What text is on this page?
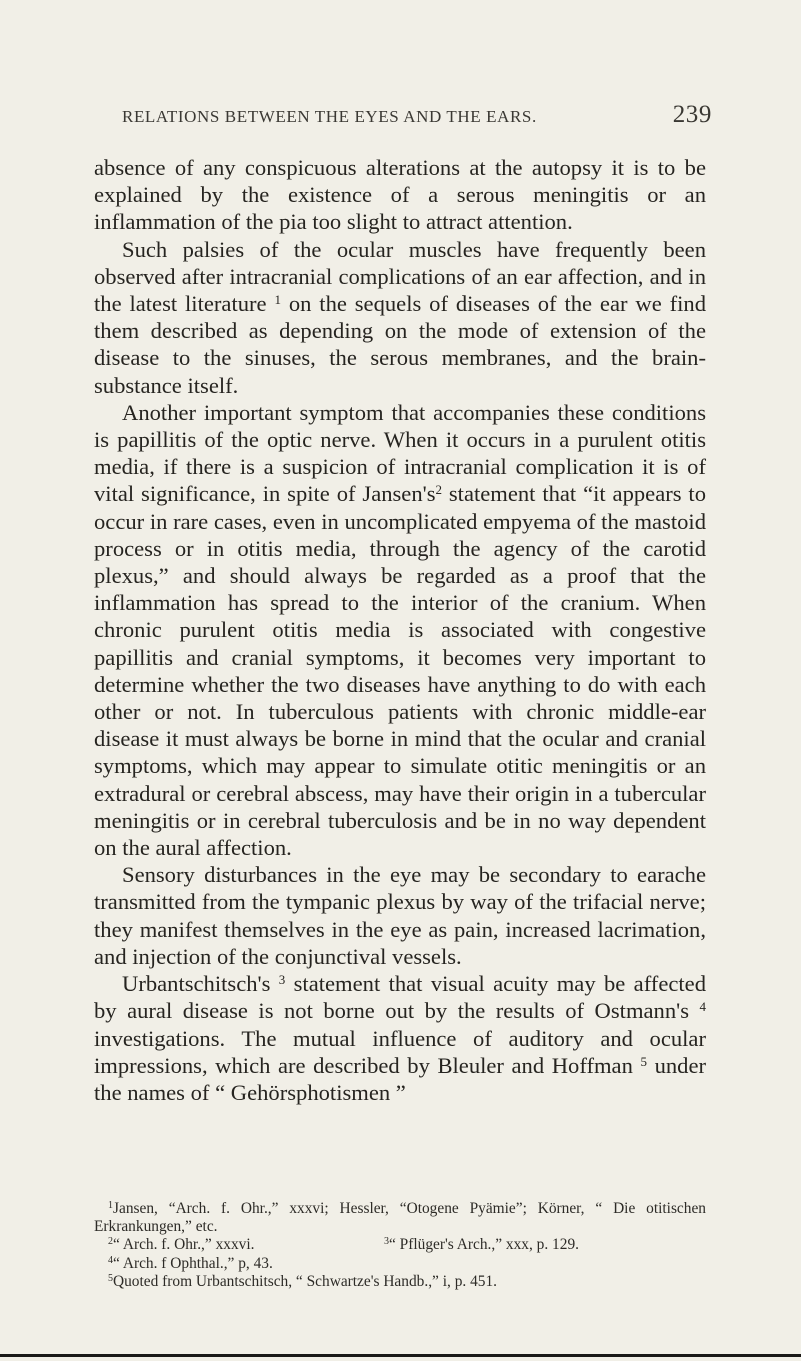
RELATIONS BETWEEN THE EYES AND THE EARS.	239

absence of any conspicuous alterations at the autopsy it is to be explained by the existence of a serous meningitis or an inflammation of the pia too slight to attract attention.

Such palsies of the ocular muscles have frequently been observed after intracranial complications of an ear affection, and in the latest literature $^1$ on the sequels of diseases of the ear we find them described as depending on the mode of extension of the disease to the sinuses, the serous membranes, and the brain-substance itself.

Another important symptom that accompanies these conditions is papillitis of the optic nerve. When it occurs in a purulent otitis media, if there is a suspicion of intracranial complication it is of vital significance, in spite of $Jansen's^2$ statement that “it appears to occur in rare cases, even in uncomplicated empyema of the mastoid process or in otitis media, through the agency of the carotid plexus,” and should always be regarded as a proof that the inflammation has spread to the interior of the cranium. When chronic purulent otitis media is associated with congestive papillitis and cranial symptoms, it becomes very important to determine whether the two diseases have anything to do with each other or not. In tuberculous patients with chronic middle-ear disease it must always be borne in mind that the ocular and cranial symptoms, which may appear to simulate otitic meningitis or an extradural or cerebral abscess, may have their origin in a tubercular meningitis or in cerebral tuberculosis and be in no way dependent on the aural affection.

Sensory disturbances in the eye may be secondary to earache transmitted from the tympanic plexus by way of the trifacial nerve; they manifest themselves in the eye as pain, increased lacrimation, and injection of the conjunctival vessels.

Urbantschitsch's $^3$ statement that visual acuity may be affected by aural disease is not borne out by the results of Ostmann's $^4$ investigations. The mutual influence of auditory and ocular impressions, which are described by Bleuler and Hoffman $^5$ under the names of “ Gehörsphotismen ”

$^1$Jansen, “Arch. f. Ohr.,” xxxvi; Hessler, “Otogene Pyämie”; Körner, “ Die otitischen Erkrankungen,” etc.

$^2$“ Arch. f. Ohr.,” xxxvi.	$^3$“ Pflüger's Arch.,” xxx, p. 129.

$^4$“ Arch. f Ophthal.,” p, 43.

$^5$Quoted from Urbantschitsch, “ Schwartze's Handb.,” i, p. 451.
